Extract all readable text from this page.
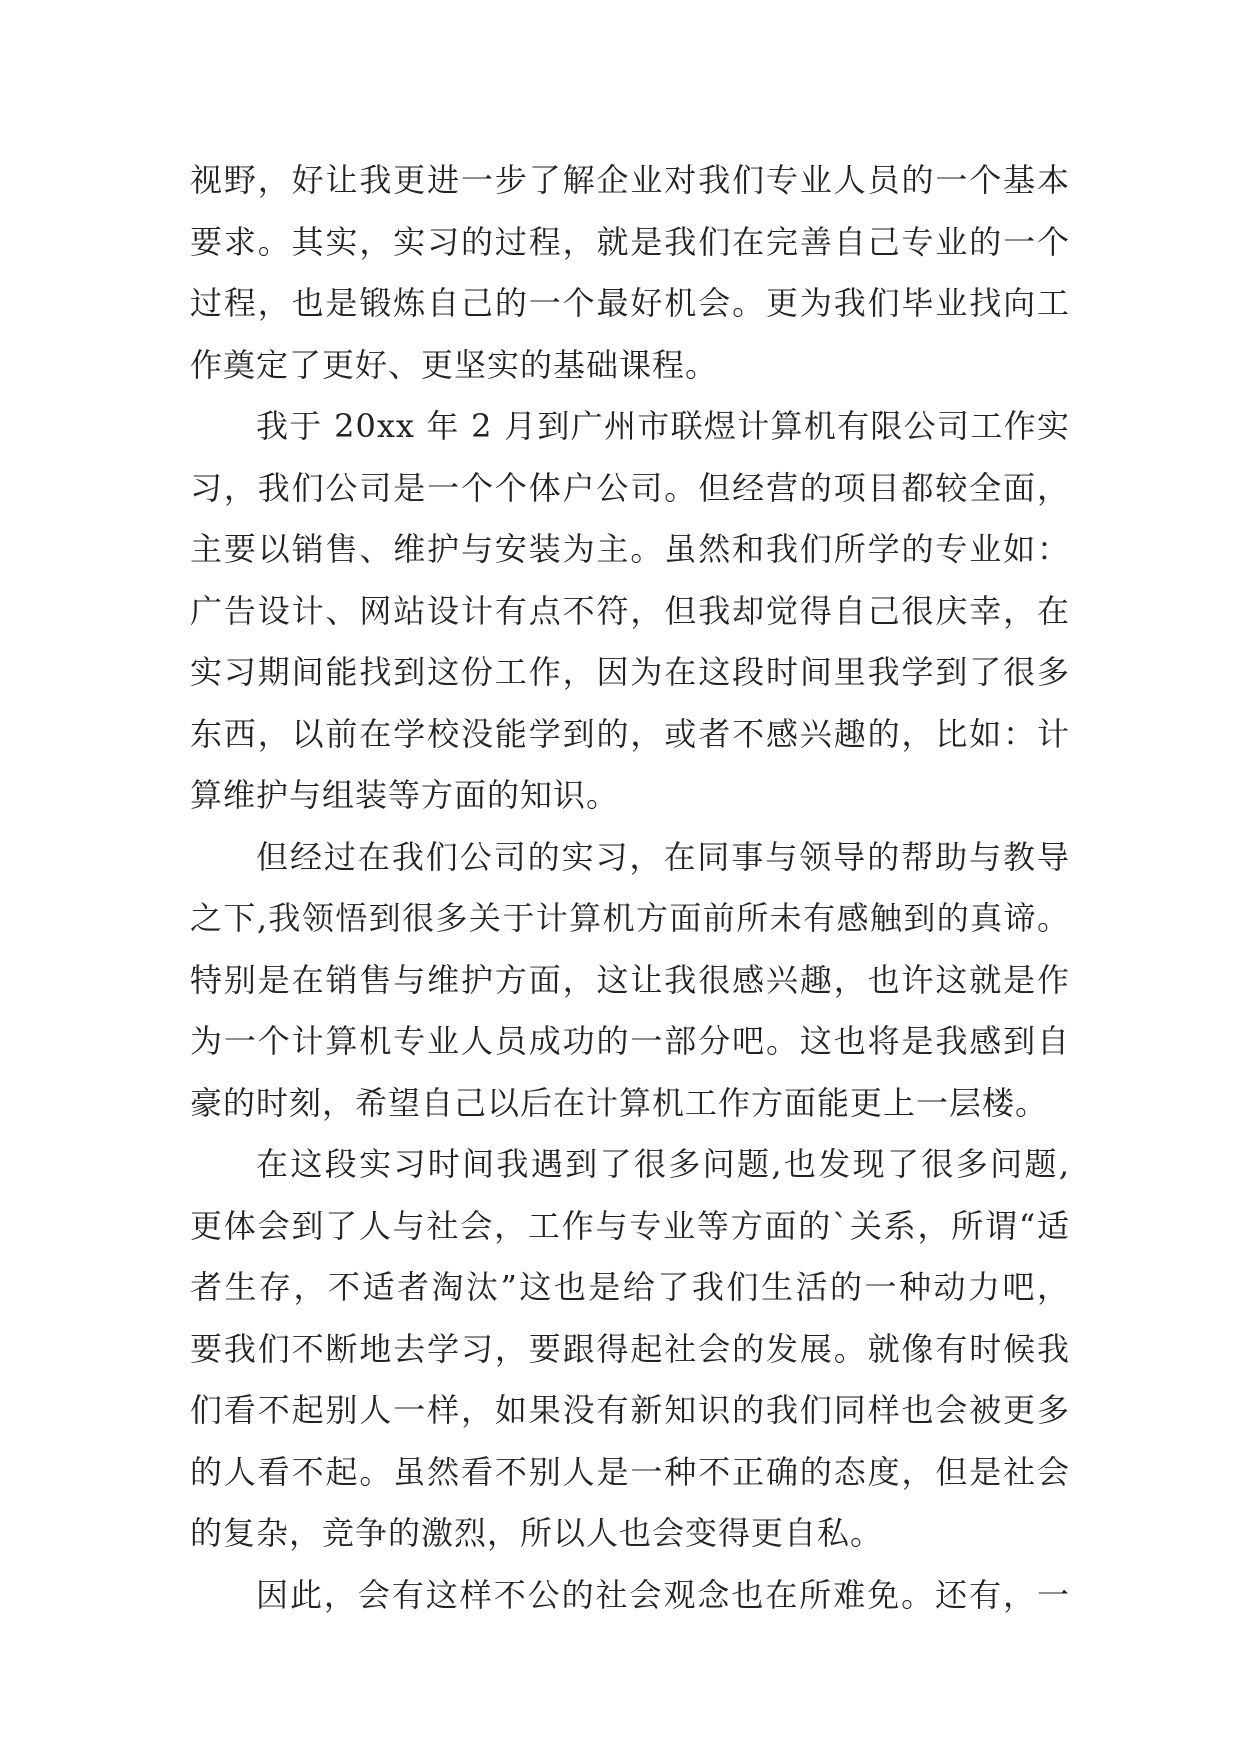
视野，好让我更进一步了解企业对我们专业人员的一个基本
要求。其实，实习的过程，就是我们在完善自己专业的一个
过程，也是锻炼自己的一个最好机会。更为我们毕业找向工
作奠定了更好、更坚实的基础课程。
我于 20xx 年 2 月到广州市联煜计算机有限公司工作实
习，我们公司是一个个体户公司。但经营的项目都较全面，
主要以销售、维护与安装为主。虽然和我们所学的专业如：
广告设计、网站设计有点不符，但我却觉得自己很庆幸，在
实习期间能找到这份工作，因为在这段时间里我学到了很多
东西，以前在学校没能学到的，或者不感兴趣的，比如：计
算维护与组装等方面的知识。
但经过在我们公司的实习，在同事与领导的帮助与教导
之下,我领悟到很多关于计算机方面前所未有感触到的真谛。
特别是在销售与维护方面，这让我很感兴趣，也许这就是作
为一个计算机专业人员成功的一部分吧。这也将是我感到自
豪的时刻，希望自己以后在计算机工作方面能更上一层楼。
在这段实习时间我遇到了很多问题,也发现了很多问题,
更体会到了人与社会，工作与专业等方面的`关系，所谓“适
者生存，不适者淘汰”这也是给了我们生活的一种动力吧，
要我们不断地去学习，要跟得起社会的发展。就像有时候我
们看不起别人一样，如果没有新知识的我们同样也会被更多
的人看不起。虽然看不别人是一种不正确的态度，但是社会
的复杂，竞争的激烈，所以人也会变得更自私。
因此，会有这样不公的社会观念也在所难免。还有，一
